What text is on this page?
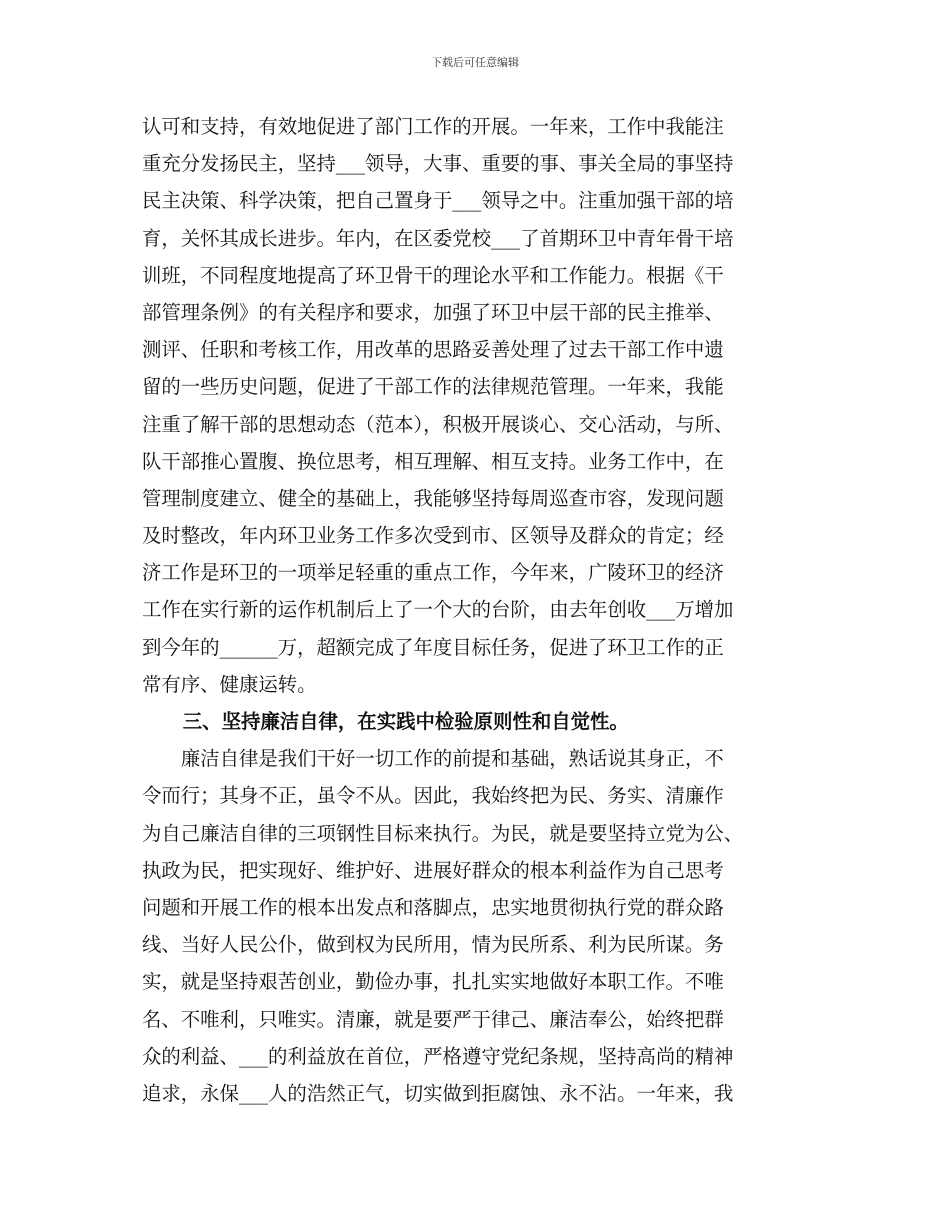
下载后可任意编辑
认可和支持，有效地促进了部门工作的开展。一年来，工作中我能注
重充分发扬民主，坚持___领导，大事、重要的事、事关全局的事坚持
民主决策、科学决策，把自己置身于___领导之中。注重加强干部的培
育，关怀其成长进步。年内，在区委党校___了首期环卫中青年骨干培
训班，不同程度地提高了环卫骨干的理论水平和工作能力。根据《干
部管理条例》的有关程序和要求，加强了环卫中层干部的民主推举、
测评、任职和考核工作，用改革的思路妥善处理了过去干部工作中遗
留的一些历史问题，促进了干部工作的法律规范管理。一年来，我能
注重了解干部的思想动态（范本），积极开展谈心、交心活动，与所、
队干部推心置腹、换位思考，相互理解、相互支持。业务工作中，在
管理制度建立、健全的基础上，我能够坚持每周巡查市容，发现问题
及时整改，年内环卫业务工作多次受到市、区领导及群众的肯定；经
济工作是环卫的一项举足轻重的重点工作，今年来，广陵环卫的经济
工作在实行新的运作机制后上了一个大的台阶，由去年创收___万增加
到今年的______万，超额完成了年度目标任务，促进了环卫工作的正
常有序、健康运转。
三、坚持廉洁自律，在实践中检验原则性和自觉性。
廉洁自律是我们干好一切工作的前提和基础，熟话说其身正，不
令而行；其身不正，虽令不从。因此，我始终把为民、务实、清廉作
为自己廉洁自律的三项钢性目标来执行。为民，就是要坚持立党为公、
执政为民，把实现好、维护好、进展好群众的根本利益作为自己思考
问题和开展工作的根本出发点和落脚点，忠实地贯彻执行党的群众路
线、当好人民公仆，做到权为民所用，情为民所系、利为民所谋。务
实，就是坚持艰苦创业，勤俭办事，扎扎实实地做好本职工作。不唯
名、不唯利，只唯实。清廉，就是要严于律己、廉洁奉公，始终把群
众的利益、___的利益放在首位，严格遵守党纪条规，坚持高尚的精神
追求，永保___人的浩然正气，切实做到拒腐蚀、永不沾。一年来，我
